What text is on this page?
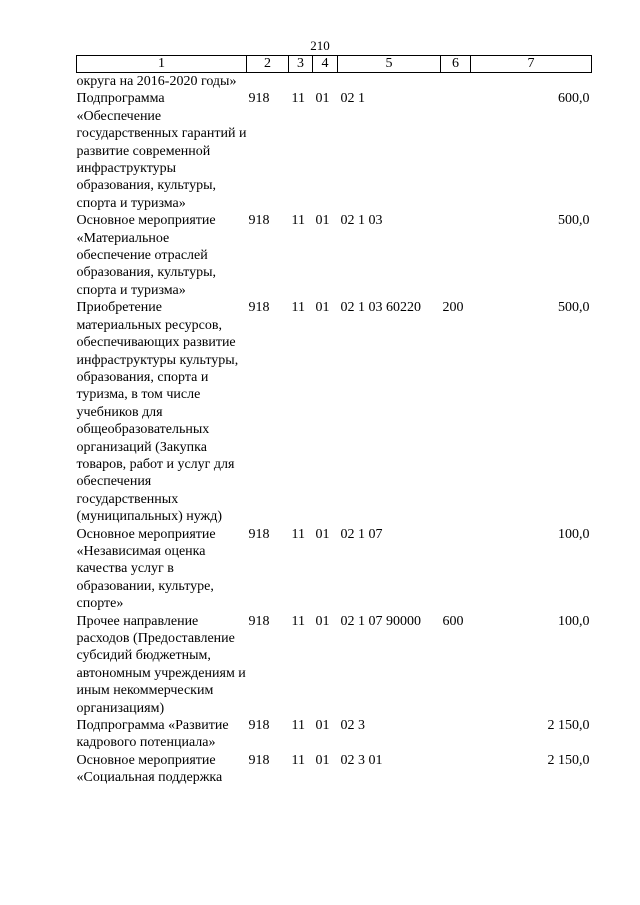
210
1	2	3	4	5	6	7
округа на 2016-2020 годы»						
Подпрограмма «Обеспечение государственных гарантий и развитие современной инфраструктуры образования, культуры, спорта и туризма»	918	11	01	02 1		600,0
Основное мероприятие «Материальное обеспечение отраслей образования, культуры, спорта и туризма»	918	11	01	02 1 03		500,0
Приобретение материальных ресурсов, обеспечивающих развитие инфраструктуры культуры, образования, спорта и туризма, в том числе учебников для общеобразовательных организаций (Закупка товаров, работ и услуг для обеспечения государственных (муниципальных) нужд)	918	11	01	02 1 03 60220	200	500,0
Основное мероприятие «Независимая оценка качества услуг в образовании, культуре, спорте»	918	11	01	02 1 07		100,0
Прочее направление расходов (Предоставление субсидий бюджетным, автономным учреждениям и иным некоммерческим организациям)	918	11	01	02 1 07 90000	600	100,0
Подпрограмма «Развитие кадрового потенциала»	918	11	01	02 3		2 150,0
Основное мероприятие «Социальная поддержка	918	11	01	02 3 01		2 150,0
